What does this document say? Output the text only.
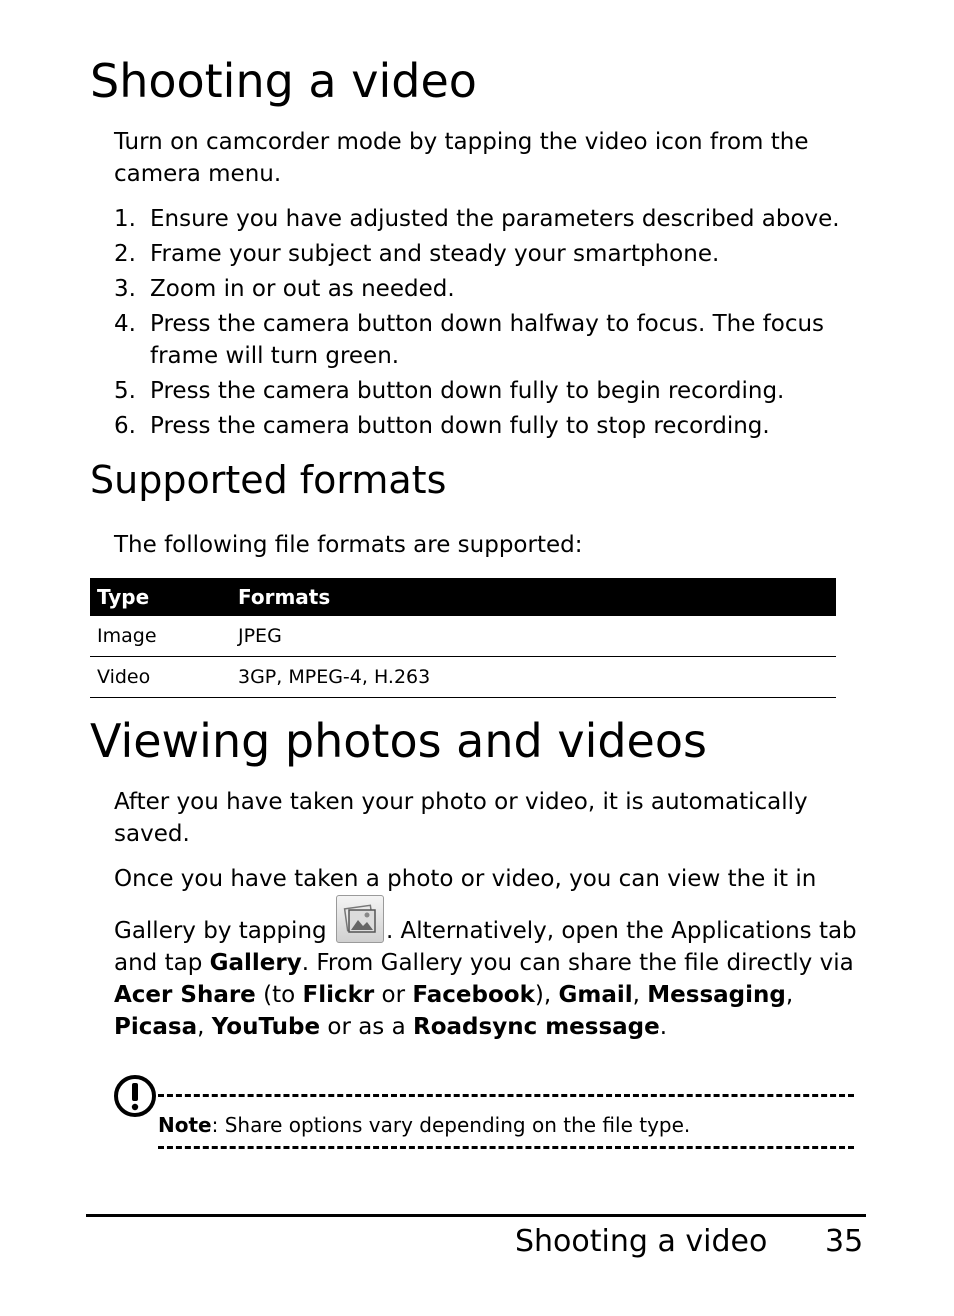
Shooting a video

Turn on camcorder mode by tapping the video icon from the camera menu.

1. Ensure you have adjusted the parameters described above.
2. Frame your subject and steady your smartphone.
3. Zoom in or out as needed.
4. Press the camera button down halfway to focus. The focus frame will turn green.
5. Press the camera button down fully to begin recording.
6. Press the camera button down fully to stop recording.
Supported formats

The following file formats are supported:

Type	Formats
Image	JPEG
Video	3GP, MPEG-4, H.263
Viewing photos and videos

After you have taken your photo or video, it is automatically saved.

Once you have taken a photo or video, you can view the it in Gallery by tapping . Alternatively, open the Applications tab and tap Gallery. From Gallery you can share the file directly via Acer Share (to Flickr or Facebook), Gmail, Messaging, Picasa, YouTube or as a Roadsync message.

Note: Share options vary depending on the file type.

Shooting a video 35
